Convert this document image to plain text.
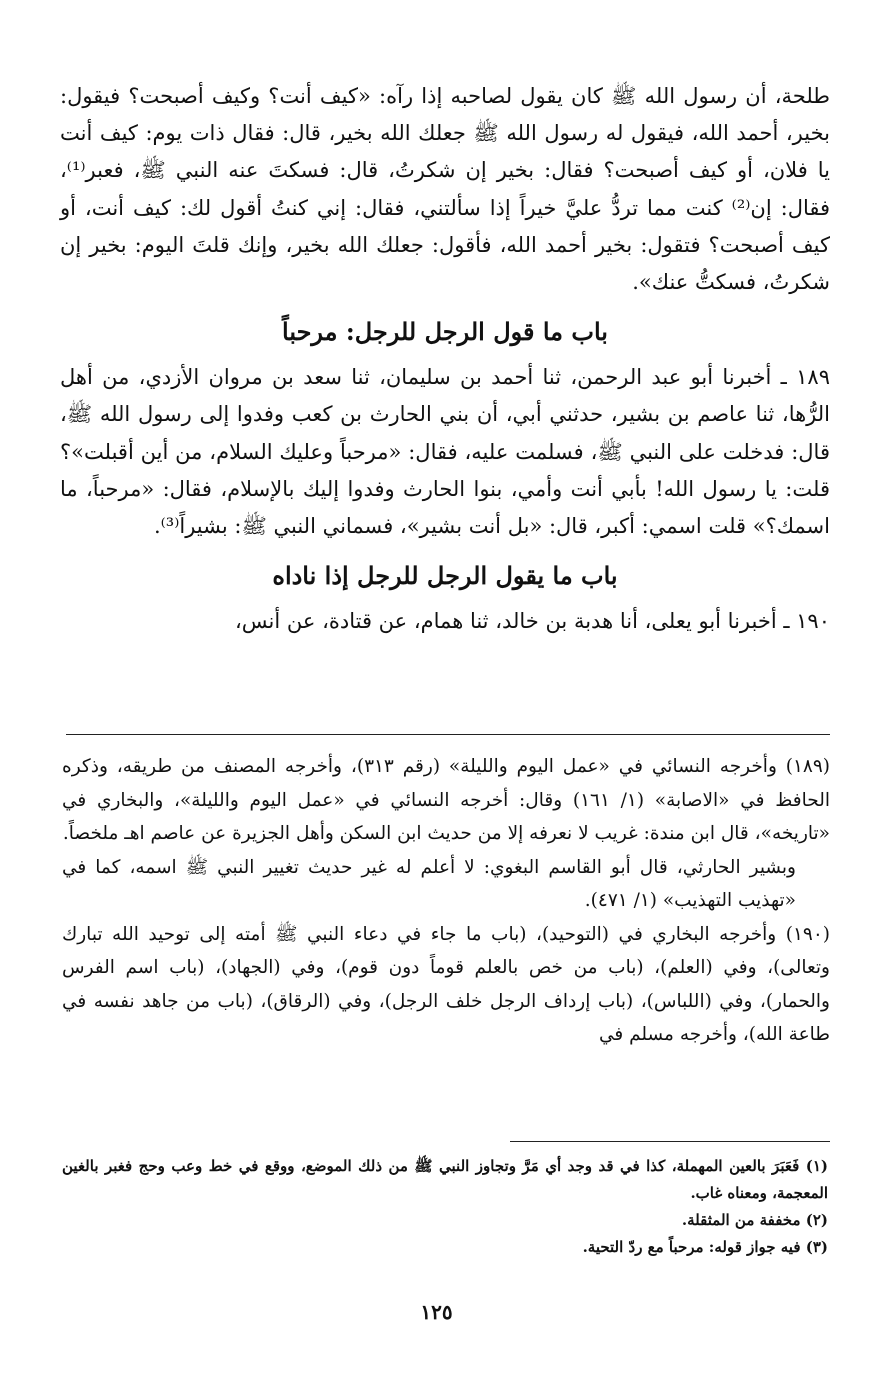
طلحة، أن رسول الله ﷺ كان يقول لصاحبه إذا رآه: «كيف أنت؟ وكيف أصبحت؟ فيقول: بخير، أحمد الله، فيقول له رسول الله ﷺ جعلك الله بخير، قال: فقال ذات يوم: كيف أنت يا فلان، أو كيف أصبحت؟ فقال: بخير إن شكرتُ، قال: فسكتَ عنه النبي ﷺ، فعبر⁽¹⁾، فقال: إن⁽²⁾ كنت مما تردُّ عليَّ خيراً إذا سألتني، فقال: إني كنتُ أقول لك: كيف أنت، أو كيف أصبحت؟ فتقول: بخير أحمد الله، فأقول: جعلك الله بخير، وإنك قلتَ اليوم: بخير إن شكرتُ، فسكتُّ عنك».

باب ما قول الرجل للرجل: مرحباً

١٨٩ ـ أخبرنا أبو عبد الرحمن، ثنا أحمد بن سليمان، ثنا سعد بن مروان الأزدي، من أهل الرُّها، ثنا عاصم بن بشير، حدثني أبي، أن بني الحارث بن كعب وفدوا إلى رسول الله ﷺ، قال: فدخلت على النبي ﷺ، فسلمت عليه، فقال: «مرحباً وعليك السلام، من أين أقبلت»؟ قلت: يا رسول الله! بأبي أنت وأمي، بنوا الحارث وفدوا إليك بالإسلام، فقال: «مرحباً، ما اسمك؟» قلت اسمي: أكبر، قال: «بل أنت بشير»، فسماني النبي ﷺ: بشيراً⁽³⁾.

باب ما يقول الرجل للرجل إذا ناداه

١٩٠ ـ أخبرنا أبو يعلى، أنا هدبة بن خالد، ثنا همام، عن قتادة، عن أنس،

(١٨٩) وأخرجه النسائي في «عمل اليوم والليلة» (رقم ٣١٣)، وأخرجه المصنف من طريقه، وذكره الحافظ في «الاصابة» (١/ ١٦١) وقال: أخرجه النسائي في «عمل اليوم والليلة»، والبخاري في «تاريخه»، قال ابن مندة: غريب لا نعرفه إلا من حديث ابن السكن وأهل الجزيرة عن عاصم اهـ ملخصاً.

وبشير الحارثي، قال أبو القاسم البغوي: لا أعلم له غير حديث تغيير النبي ﷺ اسمه، كما في «تهذيب التهذيب» (١/ ٤٧١).

(١٩٠) وأخرجه البخاري في (التوحيد)، (باب ما جاء في دعاء النبي ﷺ أمته إلى توحيد الله تبارك وتعالى)، وفي (العلم)، (باب من خص بالعلم قوماً دون قوم)، وفي (الجهاد)، (باب اسم الفرس والحمار)، وفي (اللباس)، (باب إرداف الرجل خلف الرجل)، وفي (الرقاق)، (باب من جاهد نفسه في طاعة الله)، وأخرجه مسلم في

(١) فَعَبَرَ بالعين المهملة، كذا في قد وجد أي مَرَّ وتجاوز النبي ﷺ من ذلك الموضع، ووقع في خط وعب وحج فغبر بالغين المعجمة، ومعناه غاب.

(٢) مخففة من المثقلة.

(٣) فيه جواز قوله: مرحباً مع ردّ التحية.

١٢٥
